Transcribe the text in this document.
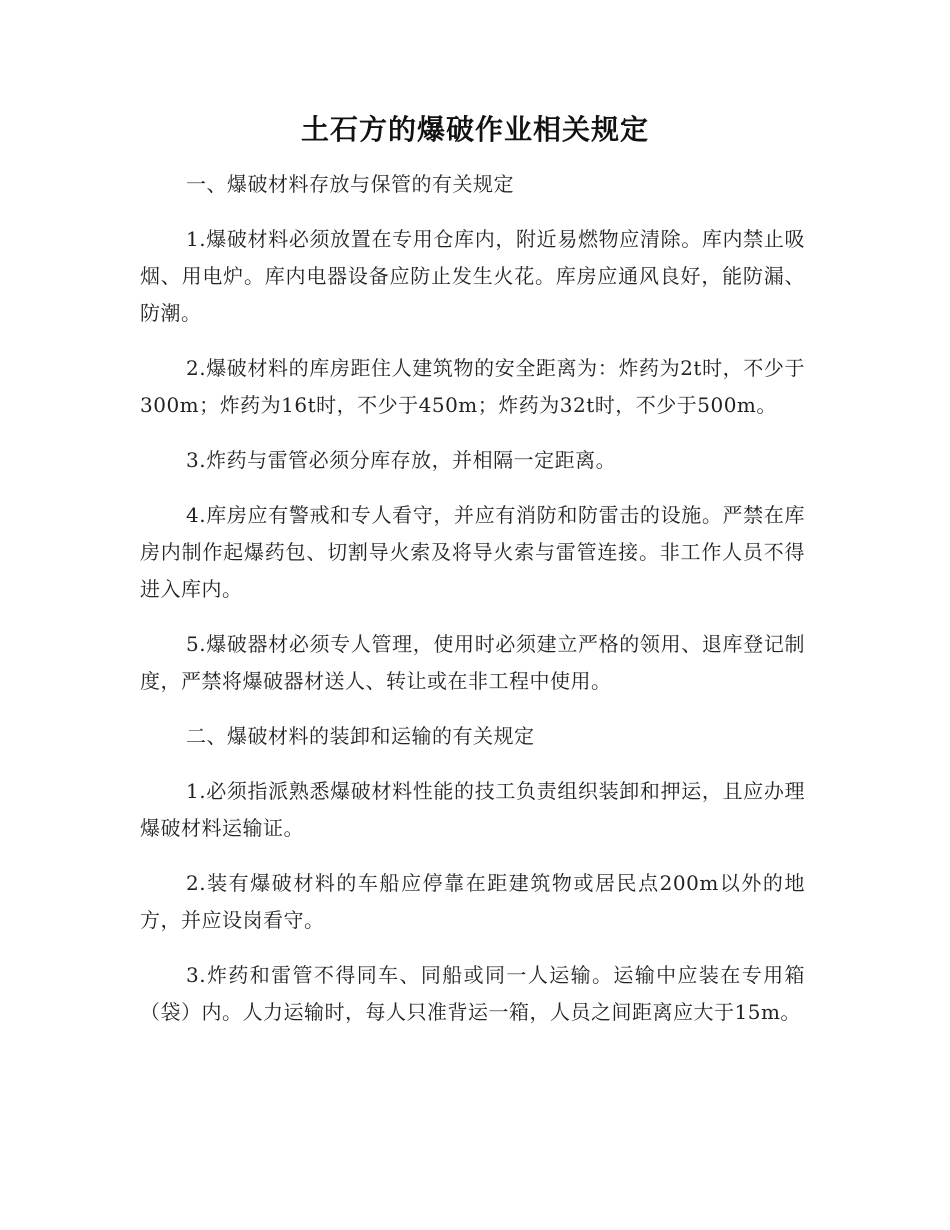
土石方的爆破作业相关规定

一、爆破材料存放与保管的有关规定

1.爆破材料必须放置在专用仓库内，附近易燃物应清除。库内禁止吸烟、用电炉。库内电器设备应防止发生火花。库房应通风良好，能防漏、防潮。

2.爆破材料的库房距住人建筑物的安全距离为：炸药为2t时，不少于300m；炸药为16t时，不少于450m；炸药为32t时，不少于500m。

3.炸药与雷管必须分库存放，并相隔一定距离。

4.库房应有警戒和专人看守，并应有消防和防雷击的设施。严禁在库房内制作起爆药包、切割导火索及将导火索与雷管连接。非工作人员不得进入库内。

5.爆破器材必须专人管理，使用时必须建立严格的领用、退库登记制度，严禁将爆破器材送人、转让或在非工程中使用。

二、爆破材料的装卸和运输的有关规定

1.必须指派熟悉爆破材料性能的技工负责组织装卸和押运，且应办理爆破材料运输证。

2.装有爆破材料的车船应停靠在距建筑物或居民点200m以外的地方，并应设岗看守。

3.炸药和雷管不得同车、同船或同一人运输。运输中应装在专用箱（袋）内。人力运输时，每人只准背运一箱，人员之间距离应大于15m。
